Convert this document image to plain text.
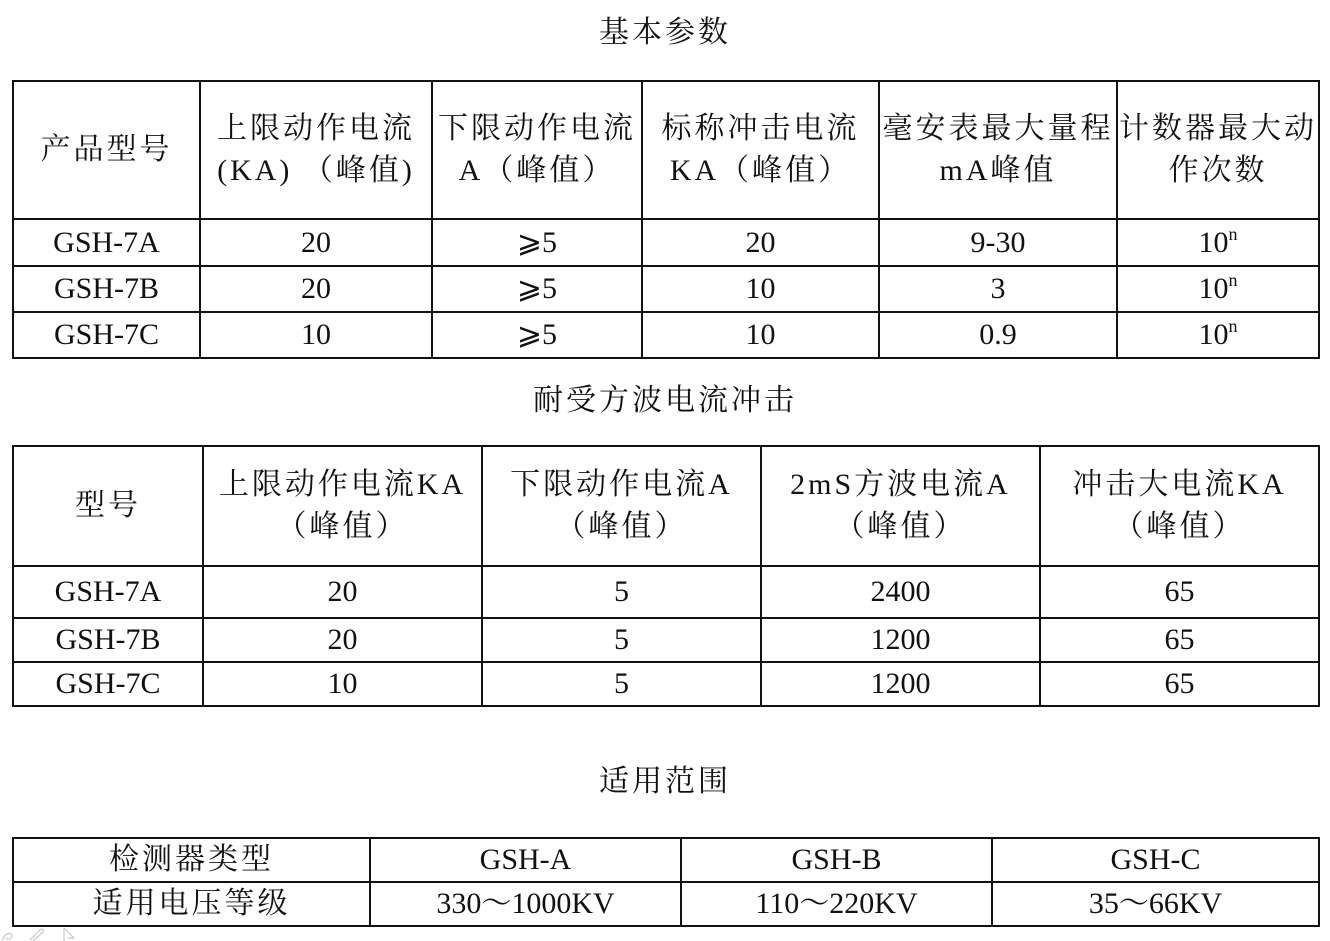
基本参数
产品型号	上限动作电流(KA) （峰值)	下限动作电流A（峰值）	标称冲击电流KA（峰值）	毫安表最大量程mA峰值	计数器最大动作次数
GSH-7A	20	⩾5	20	9-30	10$^n$
GSH-7B	20	⩾5	10	3	10$^n$
GSH-7C	10	⩾5	10	0.9	10$^n$
耐受方波电流冲击
型号	上限动作电流KA（峰值）	下限动作电流A（峰值）	2mS方波电流A（峰值）	冲击大电流KA（峰值）
GSH-7A	20	5	2400	65
GSH-7B	20	5	1200	65
GSH-7C	10	5	1200	65
适用范围
检测器类型	GSH-A	GSH-B	GSH-C
适用电压等级	330～1000KV	110～220KV	35～66KV
